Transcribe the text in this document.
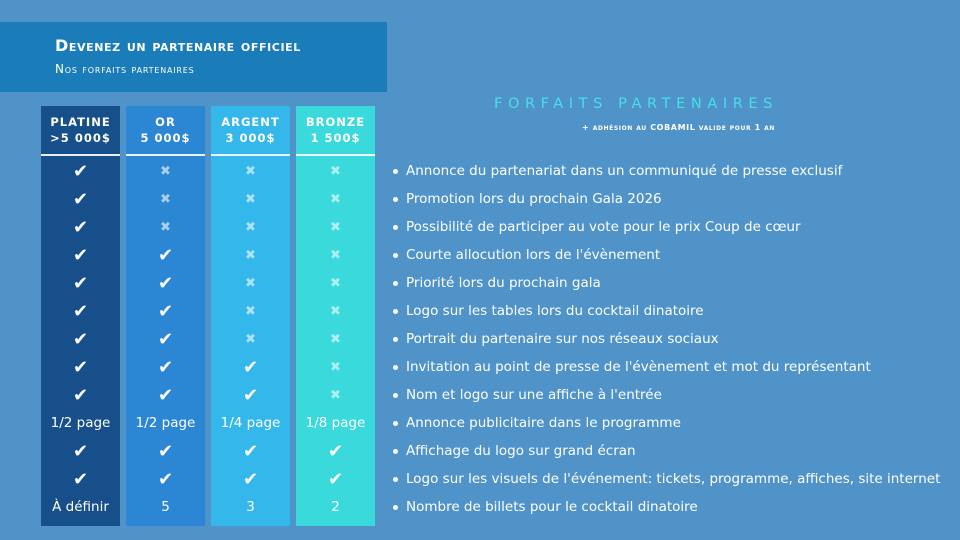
Devenez un partenaire officiel
Nos forfaits partenaires
PLATINE
>5 000$
✔
✔
✔
✔
✔
✔
✔
✔
✔
1/2 page
✔
✔
À définir
OR
5 000$
✖
✖
✖
✔
✔
✔
✔
✔
✔
1/2 page
✔
✔
5
ARGENT
3 000$
✖
✖
✖
✖
✖
✖
✖
✔
✔
1/4 page
✔
✔
3
BRONZE
1 500$
✖
✖
✖
✖
✖
✖
✖
✖
✖
1/8 page
✔
✔
2
FORFAITS PARTENAIRES
+ adhésion au COBAMIL valide pour 1 an
Annonce du partenariat dans un communiqué de presse exclusif
Promotion lors du prochain Gala 2026
Possibilité de participer au vote pour le prix Coup de cœur
Courte allocution lors de l'évènement
Priorité lors du prochain gala
Logo sur les tables lors du cocktail dinatoire
Portrait du partenaire sur nos réseaux sociaux
Invitation au point de presse de l'évènement et mot du représentant
Nom et logo sur une affiche à l'entrée
Annonce publicitaire dans le programme
Affichage du logo sur grand écran
Logo sur les visuels de l'événement: tickets, programme, affiches, site internet
Nombre de billets pour le cocktail dinatoire
